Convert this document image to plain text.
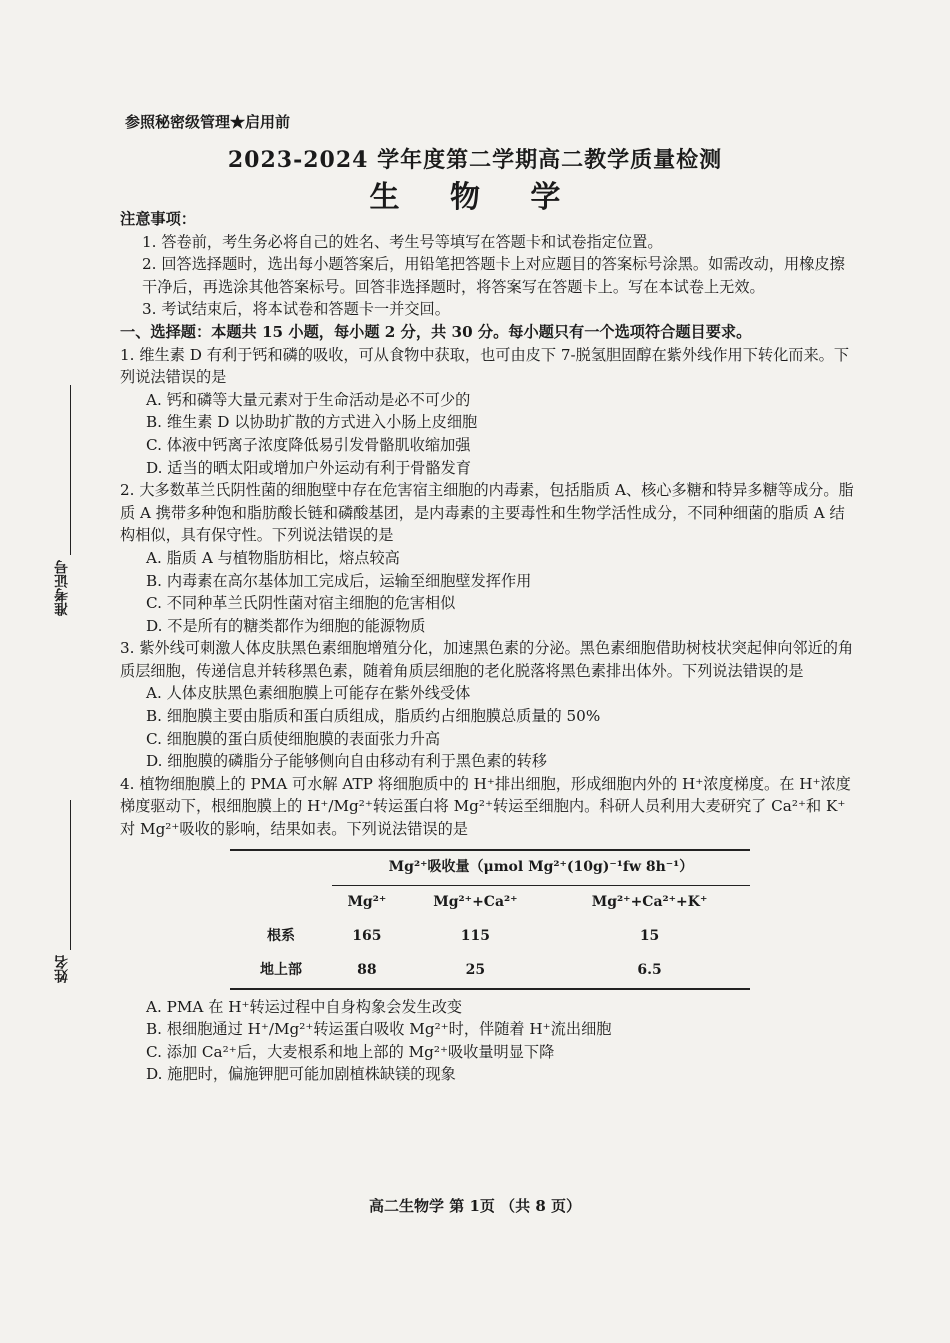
参照秘密级管理★启用前
2023-2024 学年度第二学期高二教学质量检测
生 物 学
准考证号
姓名

注意事项：

1. 答卷前，考生务必将自己的姓名、考生号等填写在答题卡和试卷指定位置。

2. 回答选择题时，选出每小题答案后，用铅笔把答题卡上对应题目的答案标号涂黑。如需改动，用橡皮擦干净后，再选涂其他答案标号。回答非选择题时，将答案写在答题卡上。写在本试卷上无效。

3. 考试结束后，将本试卷和答题卡一并交回。

一、选择题：本题共 15 小题，每小题 2 分，共 30 分。每小题只有一个选项符合题目要求。

1. 维生素 D 有利于钙和磷的吸收，可从食物中获取，也可由皮下 7-脱氢胆固醇在紫外线作用下转化而来。下列说法错误的是

A. 钙和磷等大量元素对于生命活动是必不可少的

B. 维生素 D 以协助扩散的方式进入小肠上皮细胞

C. 体液中钙离子浓度降低易引发骨骼肌收缩加强

D. 适当的晒太阳或增加户外运动有利于骨骼发育

2. 大多数革兰氏阴性菌的细胞壁中存在危害宿主细胞的内毒素，包括脂质 A、核心多糖和特异多糖等成分。脂质 A 携带多种饱和脂肪酸长链和磷酸基团，是内毒素的主要毒性和生物学活性成分，不同种细菌的脂质 A 结构相似，具有保守性。下列说法错误的是

A. 脂质 A 与植物脂肪相比，熔点较高

B. 内毒素在高尔基体加工完成后，运输至细胞壁发挥作用

C. 不同种革兰氏阴性菌对宿主细胞的危害相似

D. 不是所有的糖类都作为细胞的能源物质

3. 紫外线可刺激人体皮肤黑色素细胞增殖分化，加速黑色素的分泌。黑色素细胞借助树枝状突起伸向邻近的角质层细胞，传递信息并转移黑色素，随着角质层细胞的老化脱落将黑色素排出体外。下列说法错误的是

A. 人体皮肤黑色素细胞膜上可能存在紫外线受体

B. 细胞膜主要由脂质和蛋白质组成，脂质约占细胞膜总质量的 50%

C. 细胞膜的蛋白质使细胞膜的表面张力升高

D. 细胞膜的磷脂分子能够侧向自由移动有利于黑色素的转移

4. 植物细胞膜上的 PMA 可水解 ATP 将细胞质中的 H⁺排出细胞，形成细胞内外的 H⁺浓度梯度。在 H⁺浓度梯度驱动下，根细胞膜上的 H⁺/Mg²⁺转运蛋白将 Mg²⁺转运至细胞内。科研人员利用大麦研究了 Ca²⁺和 K⁺对 Mg²⁺吸收的影响，结果如表。下列说法错误的是

	Mg²⁺吸收量（μmol Mg²⁺(10g)⁻¹fw 8h⁻¹）		
	Mg²⁺	Mg²⁺+Ca²⁺	Mg²⁺+Ca²⁺+K⁺
根系	165	115	15
地上部	88	25	6.5

A. PMA 在 H⁺转运过程中自身构象会发生改变

B. 根细胞通过 H⁺/Mg²⁺转运蛋白吸收 Mg²⁺时，伴随着 H⁺流出细胞

C. 添加 Ca²⁺后，大麦根系和地上部的 Mg²⁺吸收量明显下降

D. 施肥时，偏施钾肥可能加剧植株缺镁的现象

高二生物学 第 1页 （共 8 页）
